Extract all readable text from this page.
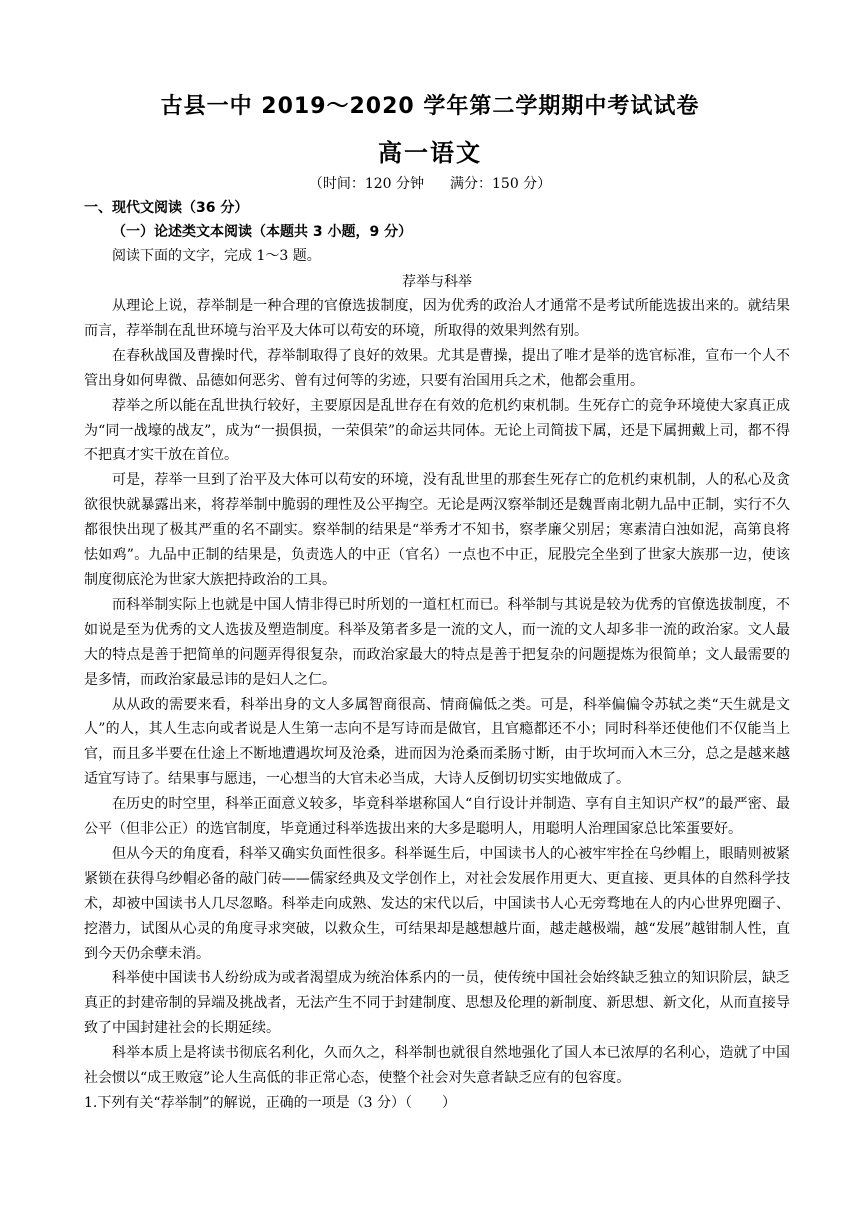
古县一中 2019～2020 学年第二学期期中考试试卷
高一语文
（时间：120 分钟 满分：150 分）

一、现代文阅读（36 分）

（一）论述类文本阅读（本题共 3 小题，9 分）

阅读下面的文字，完成 1～3 题。

荐举与科举

从理论上说，荐举制是一种合理的官僚选拔制度，因为优秀的政治人才通常不是考试所能选拔出来的。就结果而言，荐举制在乱世环境与治平及大体可以苟安的环境，所取得的效果判然有别。

在春秋战国及曹操时代，荐举制取得了良好的效果。尤其是曹操，提出了唯才是举的选官标准，宣布一个人不管出身如何卑微、品德如何恶劣、曾有过何等的劣迹，只要有治国用兵之术，他都会重用。

荐举之所以能在乱世执行较好，主要原因是乱世存在有效的危机约束机制。生死存亡的竞争环境使大家真正成为“同一战壕的战友”，成为“一损俱损，一荣俱荣”的命运共同体。无论上司简拔下属，还是下属拥戴上司，都不得不把真才实干放在首位。

可是，荐举一旦到了治平及大体可以苟安的环境，没有乱世里的那套生死存亡的危机约束机制，人的私心及贪欲很快就暴露出来，将荐举制中脆弱的理性及公平掏空。无论是两汉察举制还是魏晋南北朝九品中正制，实行不久都很快出现了极其严重的名不副实。察举制的结果是“举秀才不知书，察孝廉父别居；寒素清白浊如泥，高第良将怯如鸡”。九品中正制的结果是，负责选人的中正（官名）一点也不中正，屁股完全坐到了世家大族那一边，使该制度彻底沦为世家大族把持政治的工具。

而科举制实际上也就是中国人情非得已时所划的一道杠杠而已。科举制与其说是较为优秀的官僚选拔制度，不如说是至为优秀的文人选拔及塑造制度。科举及第者多是一流的文人，而一流的文人却多非一流的政治家。文人最大的特点是善于把简单的问题弄得很复杂，而政治家最大的特点是善于把复杂的问题提炼为很简单；文人最需要的是多情，而政治家最忌讳的是妇人之仁。

从从政的需要来看，科举出身的文人多属智商很高、情商偏低之类。可是，科举偏偏令苏轼之类“天生就是文人”的人，其人生志向或者说是人生第一志向不是写诗而是做官，且官瘾都还不小；同时科举还使他们不仅能当上官，而且多半要在仕途上不断地遭遇坎坷及沧桑，进而因为沧桑而柔肠寸断，由于坎坷而入木三分，总之是越来越适宜写诗了。结果事与愿违，一心想当的大官未必当成，大诗人反倒切切实实地做成了。

在历史的时空里，科举正面意义较多，毕竟科举堪称国人“自行设计并制造、享有自主知识产权”的最严密、最公平（但非公正）的选官制度，毕竟通过科举选拔出来的大多是聪明人，用聪明人治理国家总比笨蛋要好。

但从今天的角度看，科举又确实负面性很多。科举诞生后，中国读书人的心被牢牢拴在乌纱帽上，眼睛则被紧紧锁在获得乌纱帽必备的敲门砖——儒家经典及文学创作上，对社会发展作用更大、更直接、更具体的自然科学技术，却被中国读书人几尽忽略。科举走向成熟、发达的宋代以后，中国读书人心无旁骛地在人的内心世界兜圈子、挖潜力，试图从心灵的角度寻求突破，以救众生，可结果却是越想越片面，越走越极端，越“发展”越钳制人性，直到今天仍余孽未消。

科举使中国读书人纷纷成为或者渴望成为统治体系内的一员，使传统中国社会始终缺乏独立的知识阶层，缺乏真正的封建帝制的异端及挑战者，无法产生不同于封建制度、思想及伦理的新制度、新思想、新文化，从而直接导致了中国封建社会的长期延续。

科举本质上是将读书彻底名利化，久而久之，科举制也就很自然地强化了国人本已浓厚的名利心，造就了中国社会惯以“成王败寇”论人生高低的非正常心态，使整个社会对失意者缺乏应有的包容度。

1.下列有关“荐举制”的解说，正确的一项是（3 分）（ ）
